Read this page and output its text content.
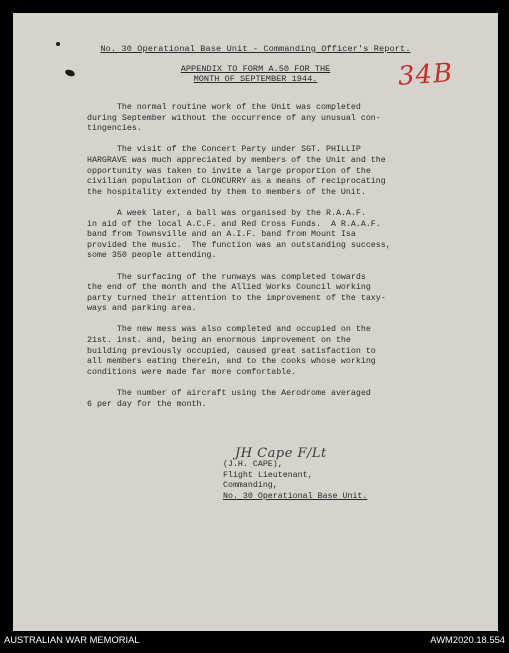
No. 30 Operational Base Unit - Commanding Officer's Report.
34B
APPENDIX TO FORM A.50 FOR THE
MONTH OF SEPTEMBER 1944.

The normal routine work of the Unit was completed
during September without the occurrence of any unusual con-
tingencies.

The visit of the Concert Party under SGT. PHILLIP
HARGRAVE was much appreciated by members of the Unit and the
opportunity was taken to invite a large proportion of the
civilian population of CLONCURRY as a means of reciprocating
the hospitality extended by them to members of the Unit.

A week later, a ball was organised by the R.A.A.F.
in aid of the local A.C.F. and Red Cross Funds.  A R.A.A.F.
band from Townsville and an A.I.F. band from Mount Isa
provided the music.  The function was an outstanding success,
some 350 people attending.

The surfacing of the runways was completed towards
the end of the month and the Allied Works Council working
party turned their attention to the improvement of the taxy-
ways and parking area.

The new mess was also completed and occupied on the
21st. inst. and, being an enormous improvement on the
building previously occupied, caused great satisfaction to
all members eating therein, and to the cooks whose working
conditions were made far more comfortable.

The number of aircraft using the Aerodrome averaged
6 per day for the month.

JH Cape F/Lt
(J.H. CAPE),
Flight Lieutenant,
Commanding,
No. 30 Operational Base Unit.
AUSTRALIAN WAR MEMORIAL	AWM2020.18.554
